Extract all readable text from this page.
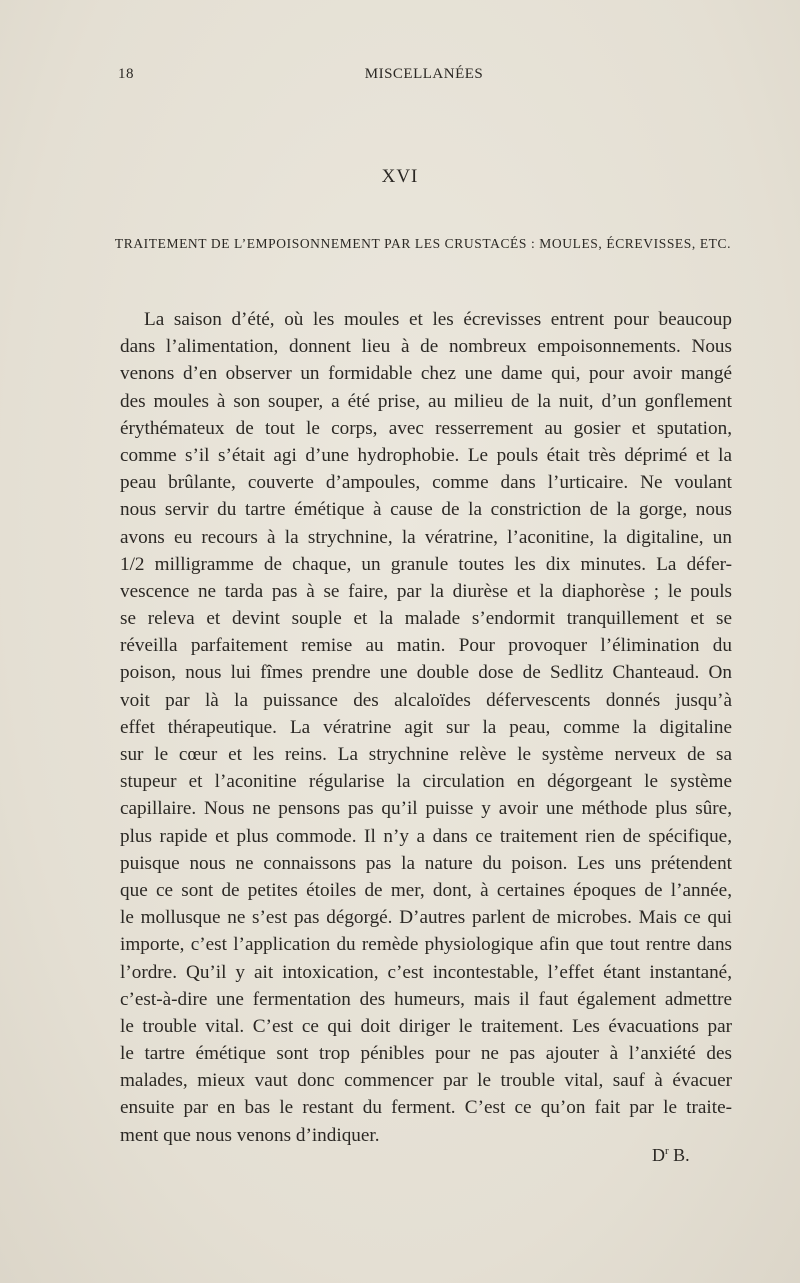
18	MISCELLANÉES
XVI
TRAITEMENT DE L’EMPOISONNEMENT PAR LES CRUSTACÉS : MOULES, ÉCREVISSES, ETC.
La saison d’été, où les moules et les écrevisses entrent pour beaucoup
dans l’alimentation, donnent lieu à de nombreux empoisonnements. Nous
venons d’en observer un formidable chez une dame qui, pour avoir mangé
des moules à son souper, a été prise, au milieu de la nuit, d’un gonflement
érythémateux de tout le corps, avec resserrement au gosier et sputation,
comme s’il s’était agi d’une hydrophobie. Le pouls était très déprimé et la
peau brûlante, couverte d’ampoules, comme dans l’urticaire. Ne voulant
nous servir du tartre émétique à cause de la constriction de la gorge, nous
avons eu recours à la strychnine, la vératrine, l’aconitine, la digitaline, un
1/2 milligramme de chaque, un granule toutes les dix minutes. La défer-
vescence ne tarda pas à se faire, par la diurèse et la diaphorèse ; le pouls
se releva et devint souple et la malade s’endormit tranquillement et se
réveilla parfaitement remise au matin. Pour provoquer l’élimination du
poison, nous lui fîmes prendre une double dose de Sedlitz Chanteaud. On
voit par là la puissance des alcaloïdes défervescents donnés jusqu’à
effet thérapeutique. La vératrine agit sur la peau, comme la digitaline
sur le cœur et les reins. La strychnine relève le système nerveux de sa
stupeur et l’aconitine régularise la circulation en dégorgeant le système
capillaire. Nous ne pensons pas qu’il puisse y avoir une méthode plus sûre,
plus rapide et plus commode. Il n’y a dans ce traitement rien de spécifique,
puisque nous ne connaissons pas la nature du poison. Les uns prétendent
que ce sont de petites étoiles de mer, dont, à certaines époques de l’année,
le mollusque ne s’est pas dégorgé. D’autres parlent de microbes. Mais ce qui
importe, c’est l’application du remède physiologique afin que tout rentre dans
l’ordre. Qu’il y ait intoxication, c’est incontestable, l’effet étant instantané,
c’est-à-dire une fermentation des humeurs, mais il faut également admettre
le trouble vital. C’est ce qui doit diriger le traitement. Les évacuations par
le tartre émétique sont trop pénibles pour ne pas ajouter à l’anxiété des
malades, mieux vaut donc commencer par le trouble vital, sauf à évacuer
ensuite par en bas le restant du ferment. C’est ce qu’on fait par le traite-
ment que nous venons d’indiquer.
$D^r$ B.
